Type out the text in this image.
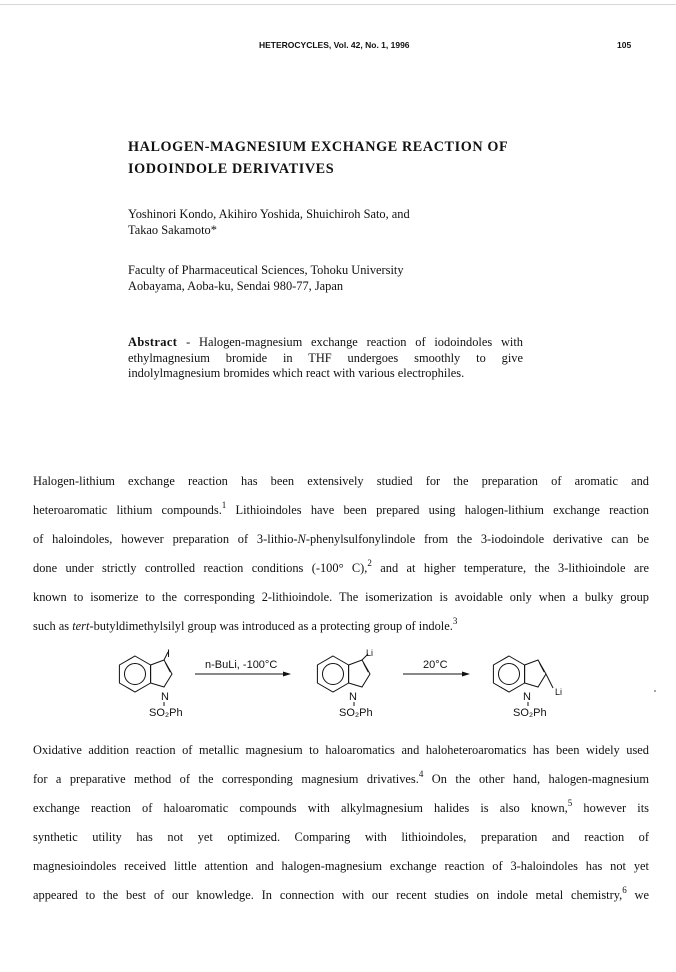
HETEROCYCLES, Vol. 42, No. 1, 1996	105
HALOGEN-MAGNESIUM EXCHANGE REACTION OF
IODOINDOLE DERIVATIVES
Yoshinori Kondo, Akihiro Yoshida, Shuichiroh Sato, and
Takao Sakamoto*
Faculty of Pharmaceutical Sciences, Tohoku University
Aobayama, Aoba-ku, Sendai 980-77, Japan

Abstract - Halogen-magnesium exchange reaction of iodoindoles with ethylmagnesium bromide in THF undergoes smoothly to give indolylmagnesium bromides which react with various electrophiles.

Halogen-lithium exchange reaction has been extensively studied for the preparation of aromatic and
heteroaromatic lithium compounds.$^1$ Lithioindoles have been prepared using halogen-lithium exchange reaction
of haloindoles, however preparation of 3-lithio-N-phenylsulfonylindole from the 3-iodoindole derivative can be
done under strictly controlled reaction conditions (-100° C),$^2$ and at higher temperature, the 3-lithioindole are
known to isomerize to the corresponding 2-lithioindole. The isomerization is avoidable only when a bulky group
such as tert-butyldimethylsilyl group was introduced as a protecting group of indole.$^3$
I
N
SO₂Ph
n-BuLi, -100°C
Li
N
SO₂Ph
20°C
Li
N
SO₂Ph
Oxidative addition reaction of metallic magnesium to haloaromatics and haloheteroaromatics has been widely used
for a preparative method of the corresponding magnesium drivatives.$^4$ On the other hand, halogen-magnesium
exchange reaction of haloaromatic compounds with alkylmagnesium halides is also known,$^5$ however its
synthetic utility has not yet optimized. Comparing with lithioindoles, preparation and reaction of
magnesioindoles received little attention and halogen-magnesium exchange reaction of 3-haloindoles has not yet
appeared to the best of our knowledge. In connection with our recent studies on indole metal chemistry,$^6$ we
